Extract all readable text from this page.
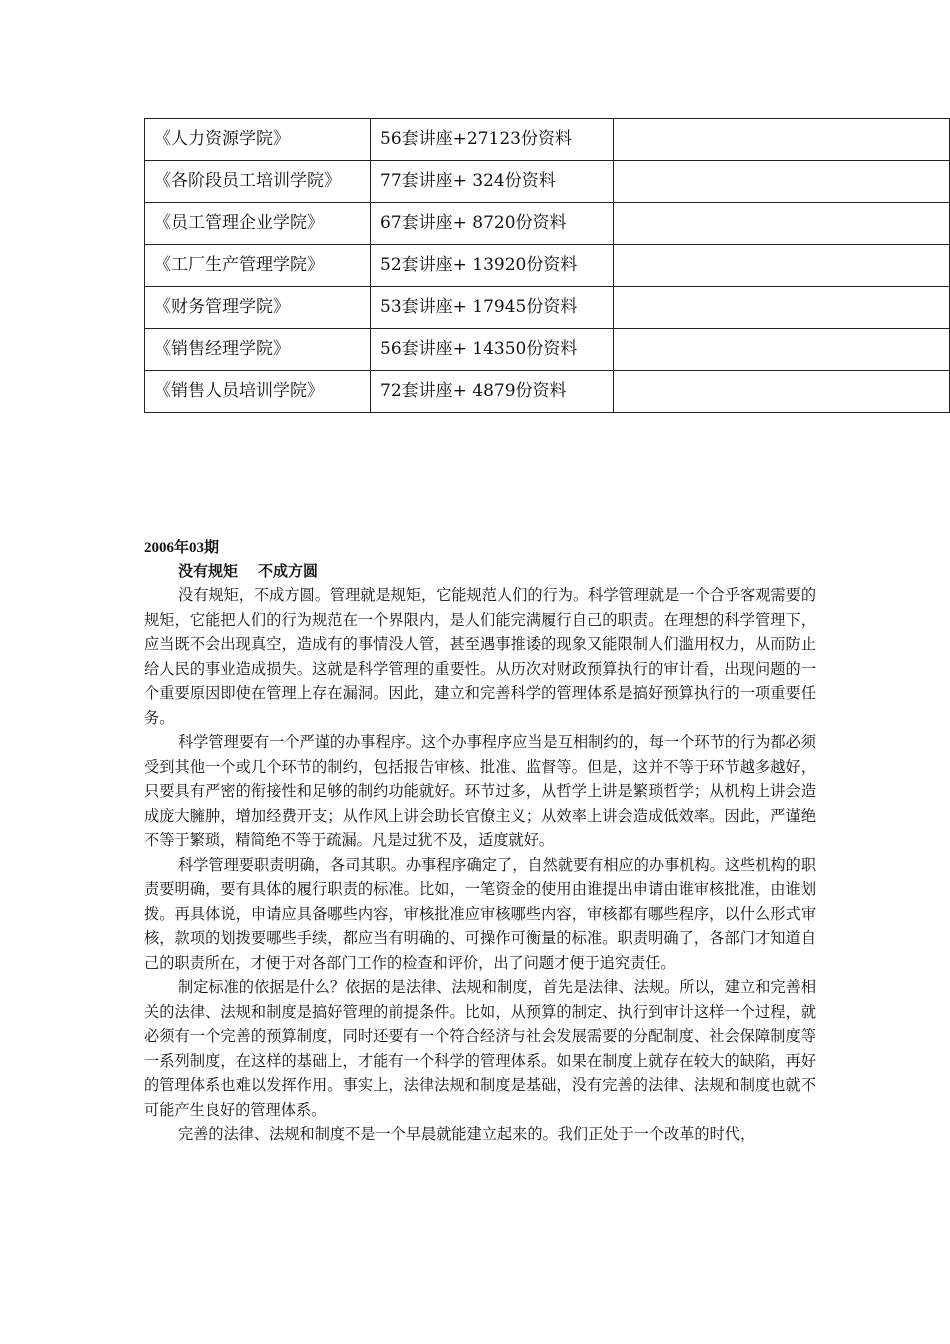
《人力资源学院》	56套讲座+27123份资料	
《各阶段员工培训学院》	77套讲座+ 324份资料	
《员工管理企业学院》	67套讲座+ 8720份资料	
《工厂生产管理学院》	52套讲座+ 13920份资料	
《财务管理学院》	53套讲座+ 17945份资料	
《销售经理学院》	56套讲座+ 14350份资料	
《销售人员培训学院》	72套讲座+ 4879份资料	
2006年03期
没有规矩 不成方圆

没有规矩，不成方圆。管理就是规矩，它能规范人们的行为。科学管理就是一个合乎客观需要的规矩，它能把人们的行为规范在一个界限内，是人们能完满履行自己的职责。在理想的科学管理下，应当既不会出现真空，造成有的事情没人管，甚至遇事推诿的现象又能限制人们滥用权力，从而防止给人民的事业造成损失。这就是科学管理的重要性。从历次对财政预算执行的审计看，出现问题的一个重要原因即使在管理上存在漏洞。因此，建立和完善科学的管理体系是搞好预算执行的一项重要任务。

科学管理要有一个严谨的办事程序。这个办事程序应当是互相制约的，每一个环节的行为都必须受到其他一个或几个环节的制约，包括报告审核、批准、监督等。但是，这并不等于环节越多越好，只要具有严密的衔接性和足够的制约功能就好。环节过多，从哲学上讲是繁琐哲学；从机构上讲会造成庞大臃肿，增加经费开支；从作风上讲会助长官僚主义；从效率上讲会造成低效率。因此，严谨绝不等于繁琐，精简绝不等于疏漏。凡是过犹不及，适度就好。

科学管理要职责明确，各司其职。办事程序确定了，自然就要有相应的办事机构。这些机构的职责要明确，要有具体的履行职责的标准。比如，一笔资金的使用由谁提出申请由谁审核批准，由谁划拨。再具体说，申请应具备哪些内容，审核批准应审核哪些内容，审核都有哪些程序，以什么形式审核，款项的划拨要哪些手续，都应当有明确的、可操作可衡量的标准。职责明确了，各部门才知道自己的职责所在，才便于对各部门工作的检查和评价，出了问题才便于追究责任。

制定标准的依据是什么？依据的是法律、法规和制度，首先是法律、法规。所以，建立和完善相关的法律、法规和制度是搞好管理的前提条件。比如，从预算的制定、执行到审计这样一个过程，就必须有一个完善的预算制度，同时还要有一个符合经济与社会发展需要的分配制度、社会保障制度等一系列制度，在这样的基础上，才能有一个科学的管理体系。如果在制度上就存在较大的缺陷，再好的管理体系也难以发挥作用。事实上，法律法规和制度是基础，没有完善的法律、法规和制度也就不可能产生良好的管理体系。

完善的法律、法规和制度不是一个早晨就能建立起来的。我们正处于一个改革的时代，
